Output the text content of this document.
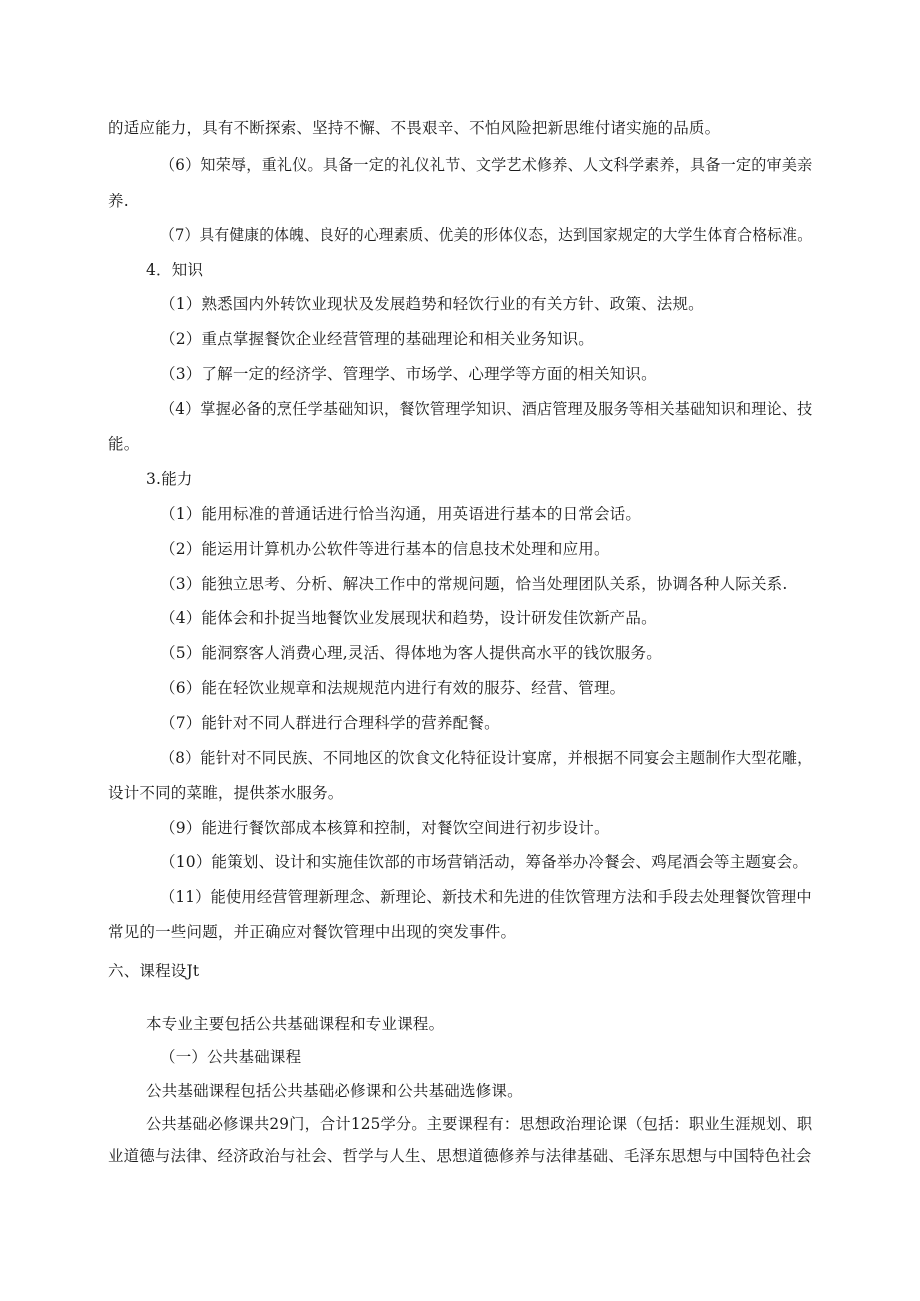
的适应能力，具有不断探索、坚持不懈、不畏艰辛、不怕风险把新思维付诸实施的品质。
（6）知荣辱，重礼仪。具备一定的礼仪礼节、文学艺术修养、人文科学素养，具备一定的审美亲
养.
（7）具有健康的体魄、良好的心理素质、优美的形体仪态，达到国家规定的大学生体育合格标准。
4．知识
（1）熟悉国内外转饮业现状及发展趋势和轻饮行业的有关方针、政策、法规。
（2）重点掌握餐饮企业经营管理的基础理论和相关业务知识。
（3）了解一定的经济学、管理学、市场学、心理学等方面的相关知识。
（4）掌握必备的烹任学基础知识，餐饮管理学知识、酒店管理及服务等相关基础知识和理论、技
能。
3.能力
（1）能用标准的普通话进行恰当沟通，用英语进行基本的日常会话。
（2）能运用计算机办公软件等进行基本的信息技术处理和应用。
（3）能独立思考、分析、解决工作中的常规问题，恰当处理团队关系，协调各种人际关系.
（4）能体会和扑捉当地餐饮业发展现状和趋势，设计研发佳饮新产品。
（5）能洞察客人消费心理,灵活、得体地为客人提供高水平的钱饮服务。
（6）能在轻饮业规章和法规规范内进行有效的服芬、经营、管理。
（7）能针对不同人群进行合理科学的营养配餐。
（8）能针对不同民族、不同地区的饮食文化特征设计宴席，并根据不同宴会主题制作大型花雕，
设计不同的菜睢，提供茶水服务。
（9）能进行餐饮部成本核算和控制，对餐饮空间进行初步设计。
（10）能策划、设计和实施佳饮部的市场营销活动，筹备举办冷餐会、鸡尾酒会等主题宴会。
（11）能使用经营管理新理念、新理论、新技术和先进的佳饮管理方法和手段去处理餐饮管理中
常见的一些问题，并正确应对餐饮管理中出现的突发事件。
六、课程设Jt
本专业主要包括公共基础课程和专业课程。
（一）公共基础课程
公共基础课程包括公共基础必修课和公共基础选修课。
公共基础必修课共29门，合计125学分。主要课程有：思想政治理论课（包括：职业生涯规划、职
业道德与法律、经济政治与社会、哲学与人生、思想道德修养与法律基础、毛泽东思想与中国特色社会
